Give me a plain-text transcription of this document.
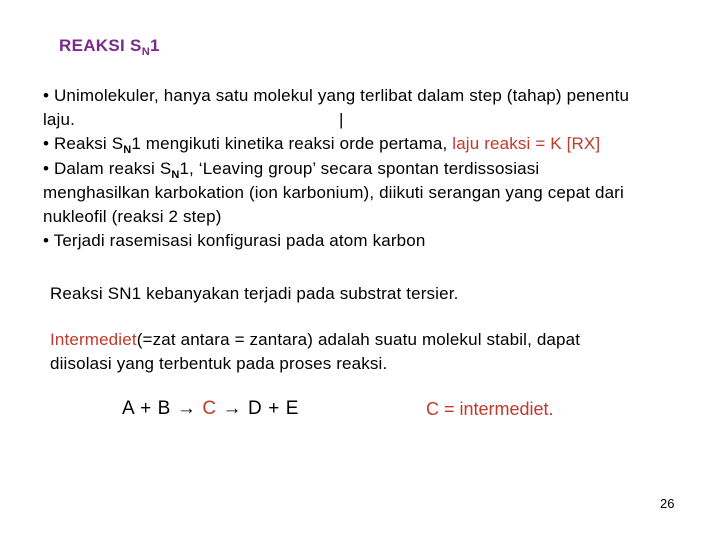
REAKSI $S_N1$
• Unimolekuler, hanya satu molekul yang terlibat dalam step (tahap) penentu
laju.	|
• Reaksi $S_N1$ mengikuti kinetika reaksi orde pertama, laju reaksi = K [RX]
• Dalam reaksi $S_N1$, ‘Leaving group’ secara spontan terdissosiasi
menghasilkan karbokation (ion karbonium), diikuti serangan yang cepat dari
nukleofil (reaksi 2 step)
• Terjadi rasemisasi konfigurasi pada atom karbon
Reaksi SN1 kebanyakan terjadi pada substrat tersier.
Intermediet(=zat antara = zantara) adalah suatu molekul stabil, dapat
diisolasi yang terbentuk pada proses reaksi.
A + B → C → D + E	C = intermediet.
26
